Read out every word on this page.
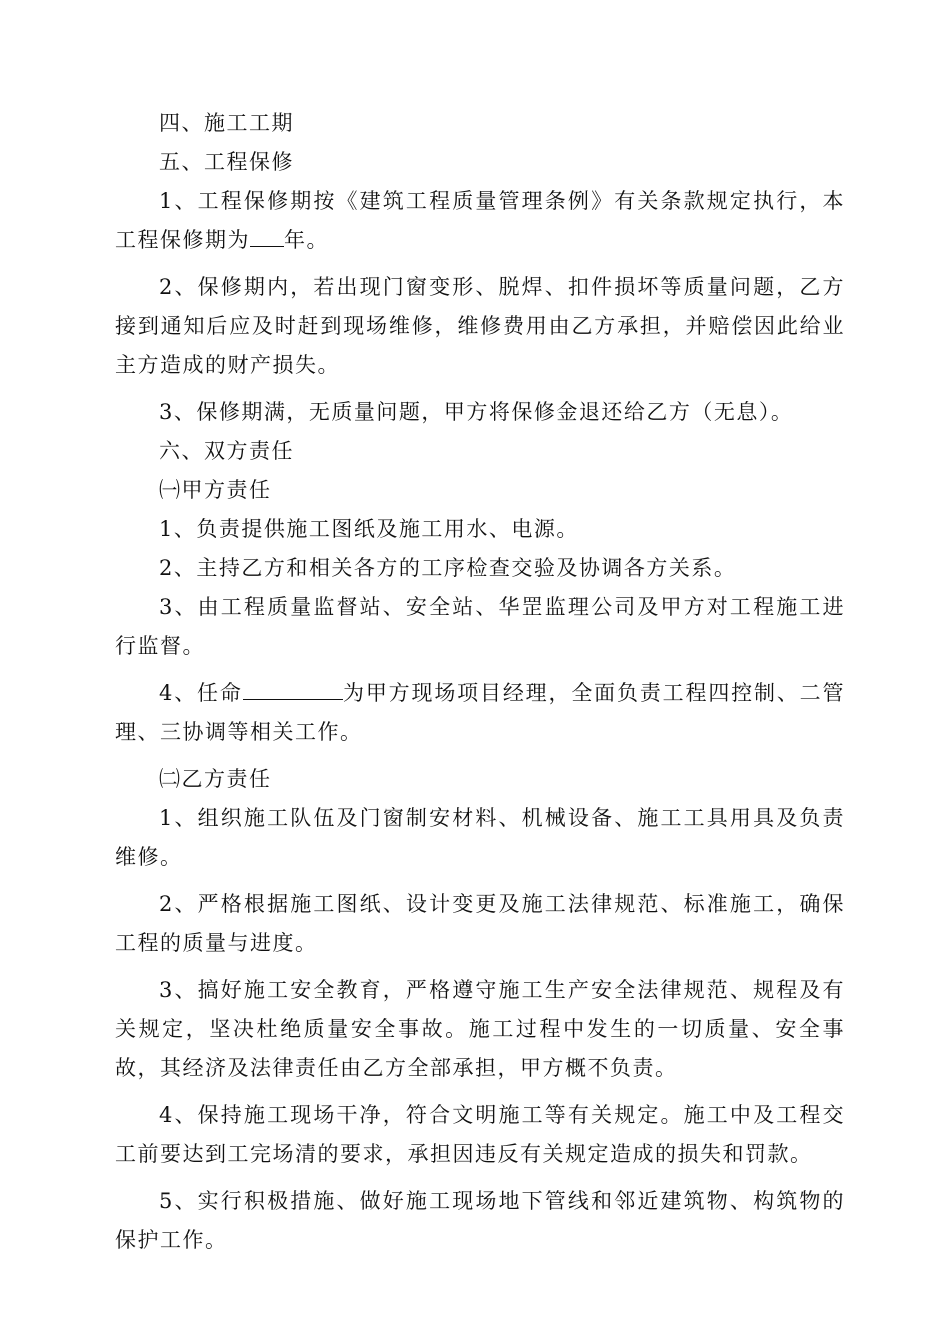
四、施工工期

五、工程保修

1、工程保修期按《建筑工程质量管理条例》有关条款规定执行，本工程保修期为 年。

2、保修期内，若出现门窗变形、脱焊、扣件损坏等质量问题，乙方接到通知后应及时赶到现场维修，维修费用由乙方承担，并赔偿因此给业主方造成的财产损失。

3、保修期满，无质量问题，甲方将保修金退还给乙方（无息）。

六、双方责任

㈠甲方责任

1、负责提供施工图纸及施工用水、电源。

2、主持乙方和相关各方的工序检查交验及协调各方关系。

3、由工程质量监督站、安全站、华罡监理公司及甲方对工程施工进行监督。

4、任命	为甲方现场项目经理，全面负责工程四控制、二管理、三协调等相关工作。

㈡乙方责任

1、组织施工队伍及门窗制安材料、机械设备、施工工具用具及负责维修。

2、严格根据施工图纸、设计变更及施工法律规范、标准施工，确保工程的质量与进度。

3、搞好施工安全教育，严格遵守施工生产安全法律规范、规程及有关规定，坚决杜绝质量安全事故。施工过程中发生的一切质量、安全事故，其经济及法律责任由乙方全部承担，甲方概不负责。

4、保持施工现场干净，符合文明施工等有关规定。施工中及工程交工前要达到工完场清的要求，承担因违反有关规定造成的损失和罚款。

5、实行积极措施、做好施工现场地下管线和邻近建筑物、构筑物的保护工作。
